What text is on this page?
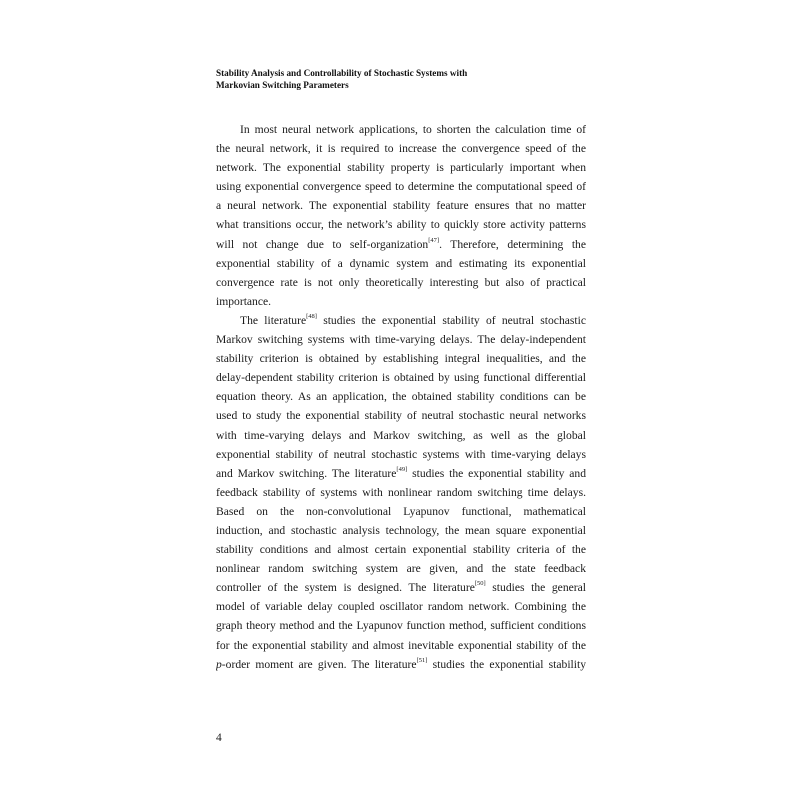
Stability Analysis and Controllability of Stochastic Systems with
Markovian Switching Parameters
In most neural network applications, to shorten the calculation time of
the neural network, it is required to increase the convergence speed of the
network. The exponential stability property is particularly important when
using exponential convergence speed to determine the computational speed of
a neural network. The exponential stability feature ensures that no matter
what transitions occur, the network’s ability to quickly store activity patterns
will not change due to self-organization[47]. Therefore, determining the
exponential stability of a dynamic system and estimating its exponential
convergence rate is not only theoretically interesting but also of practical
importance.
The literature[48] studies the exponential stability of neutral stochastic
Markov switching systems with time-varying delays. The delay-independent
stability criterion is obtained by establishing integral inequalities, and the
delay-dependent stability criterion is obtained by using functional differential
equation theory. As an application, the obtained stability conditions can be
used to study the exponential stability of neutral stochastic neural networks
with time-varying delays and Markov switching, as well as the global
exponential stability of neutral stochastic systems with time-varying delays
and Markov switching. The literature[49] studies the exponential stability and
feedback stability of systems with nonlinear random switching time delays.
Based on the non-convolutional Lyapunov functional, mathematical
induction, and stochastic analysis technology, the mean square exponential
stability conditions and almost certain exponential stability criteria of the
nonlinear random switching system are given, and the state feedback
controller of the system is designed. The literature[50] studies the general
model of variable delay coupled oscillator random network. Combining the
graph theory method and the Lyapunov function method, sufficient conditions
for the exponential stability and almost inevitable exponential stability of the
p-order moment are given. The literature[51] studies the exponential stability
4
